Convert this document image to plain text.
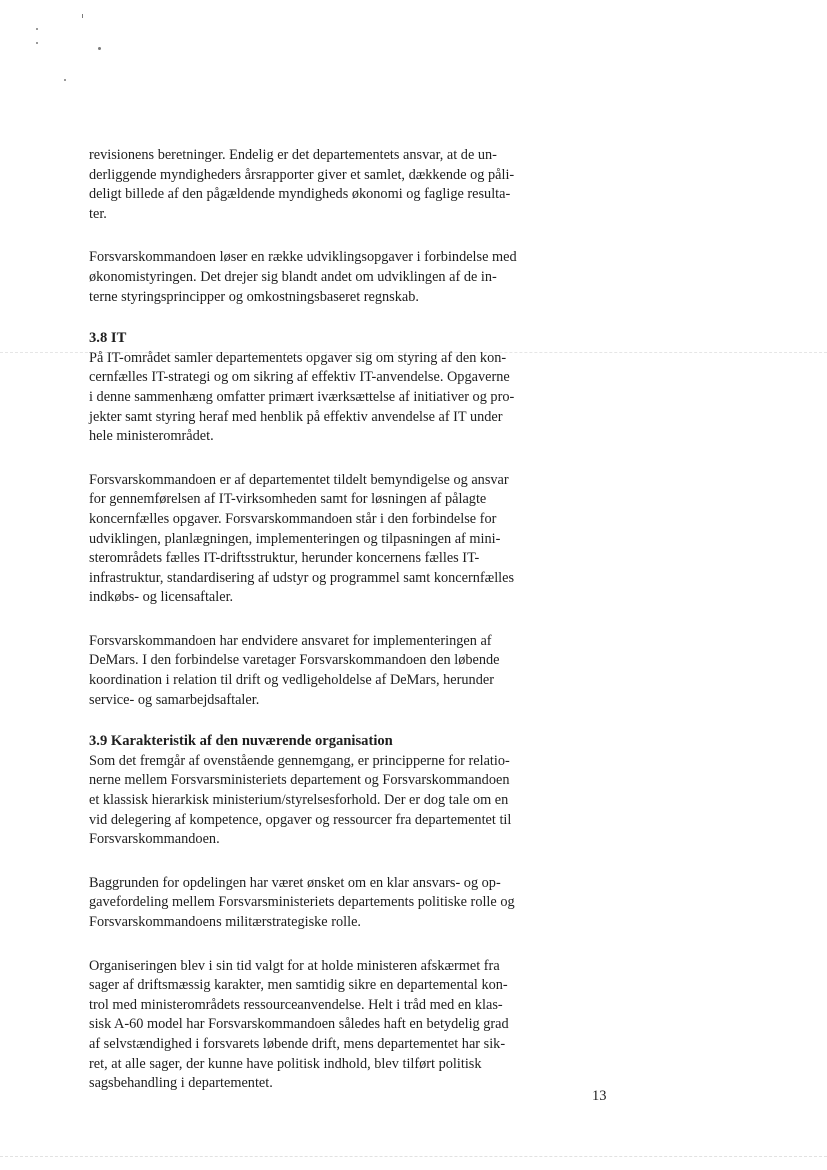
revisionens beretninger. Endelig er det departementets ansvar, at de un-
derliggende myndigheders årsrapporter giver et samlet, dækkende og påli-
deligt billede af den pågældende myndigheds økonomi og faglige resulta-
ter.

Forsvarskommandoen løser en række udviklingsopgaver i forbindelse med
økonomistyringen. Det drejer sig blandt andet om udviklingen af de in-
terne styringsprincipper og omkostningsbaseret regnskab.

3.8 IT

På IT-området samler departementets opgaver sig om styring af den kon-
cernfælles IT-strategi og om sikring af effektiv IT-anvendelse. Opgaverne
i denne sammenhæng omfatter primært iværksættelse af initiativer og pro-
jekter samt styring heraf med henblik på effektiv anvendelse af IT under
hele ministerområdet.

Forsvarskommandoen er af departementet tildelt bemyndigelse og ansvar
for gennemførelsen af IT-virksomheden samt for løsningen af pålagte
koncernfælles opgaver. Forsvarskommandoen står i den forbindelse for
udviklingen, planlægningen, implementeringen og tilpasningen af mini-
sterområdets fælles IT-driftsstruktur, herunder koncernens fælles IT-
infrastruktur, standardisering af udstyr og programmel samt koncernfælles
indkøbs- og licensaftaler.

Forsvarskommandoen har endvidere ansvaret for implementeringen af
DeMars. I den forbindelse varetager Forsvarskommandoen den løbende
koordination i relation til drift og vedligeholdelse af DeMars, herunder
service- og samarbejdsaftaler.

3.9 Karakteristik af den nuværende organisation

Som det fremgår af ovenstående gennemgang, er principperne for relatio-
nerne mellem Forsvarsministeriets departement og Forsvarskommandoen
et klassisk hierarkisk ministerium/styrelsesforhold. Der er dog tale om en
vid delegering af kompetence, opgaver og ressourcer fra departementet til
Forsvarskommandoen.

Baggrunden for opdelingen har været ønsket om en klar ansvars- og op-
gavefordeling mellem Forsvarsministeriets departements politiske rolle og
Forsvarskommandoens militærstrategiske rolle.

Organiseringen blev i sin tid valgt for at holde ministeren afskærmet fra
sager af driftsmæssig karakter, men samtidig sikre en departemental kon-
trol med ministerområdets ressourceanvendelse. Helt i tråd med en klas-
sisk A-60 model har Forsvarskommandoen således haft en betydelig grad
af selvstændighed i forsvarets løbende drift, mens departementet har sik-
ret, at alle sager, der kunne have politisk indhold, blev tilført politisk
sagsbehandling i departementet.

13
